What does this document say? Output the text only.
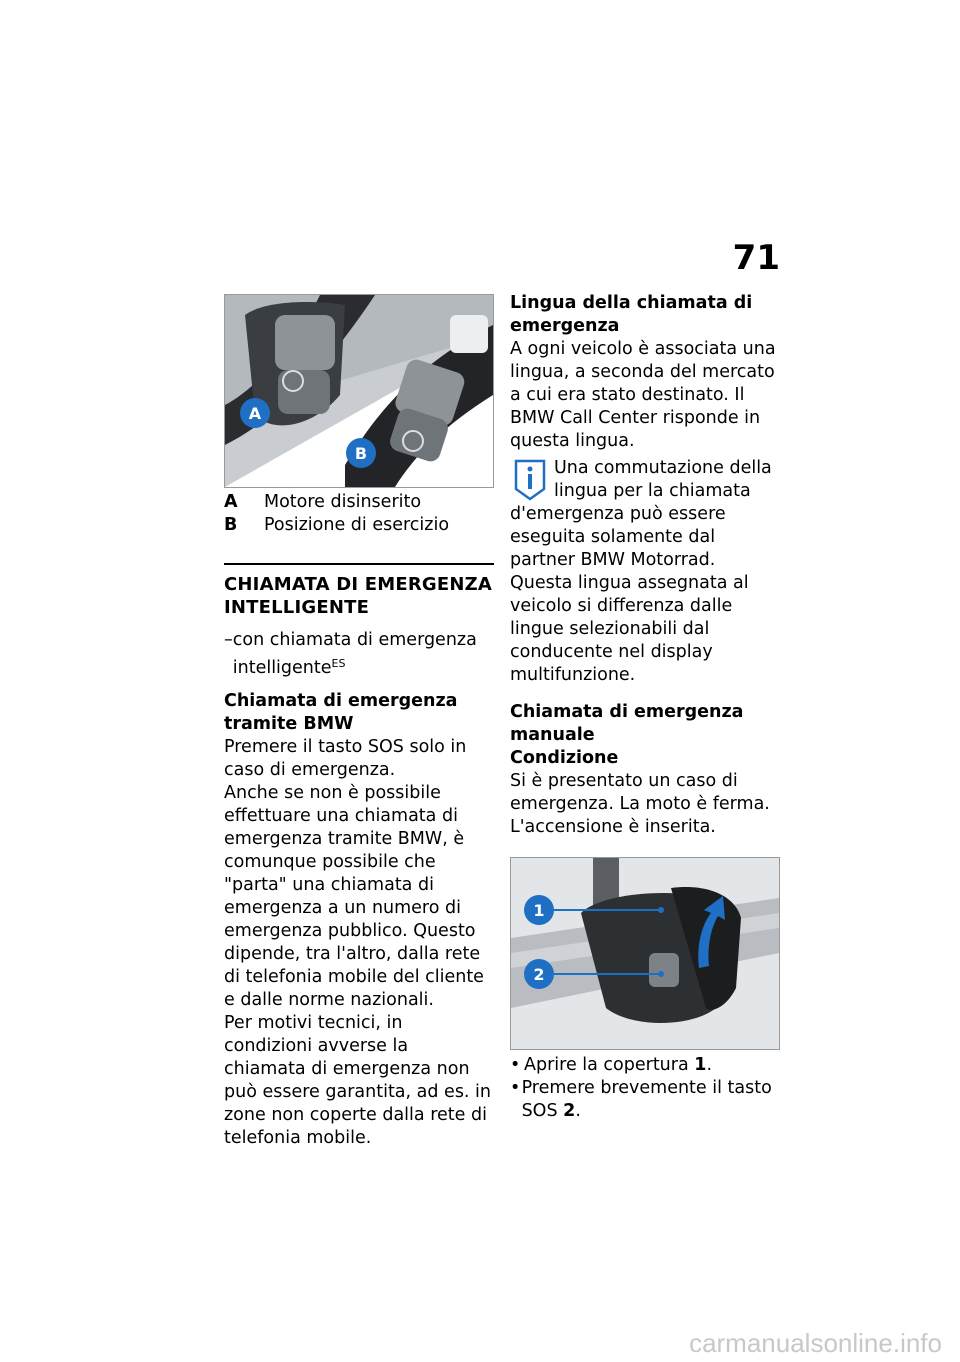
71
A
B
A	Motore disinserito
B	Posizione di esercizio
CHIAMATA DI EMERGENZA INTELLIGENTE
– con chiamata di emergenza intelligente$^{ES}$
Chiamata di emergenza tramite BMW

Premere il tasto SOS solo in caso di emergenza.

Anche se non è possibile effettuare una chiamata di emergenza tramite BMW, è comunque possibile che "parta" una chiamata di emergenza a un numero di emergenza pubblico. Questo dipende, tra l'altro, dalla rete di telefonia mobile del cliente e dalle norme nazionali.

Per motivi tecnici, in condizioni avverse la chiamata di emergenza non può essere garantita, ad es. in zone non coperte dalla rete di telefonia mobile.

Lingua della chiamata di emergenza

A ogni veicolo è associata una lingua, a seconda del mercato a cui era stato destinato. Il BMW Call Center risponde in questa lingua.

Una commutazione della lingua per la chiamata d'emergenza può essere eseguita solamente dal partner BMW Motorrad. Questa lingua assegnata al veicolo si differenza dalle lingue selezionabili dal conducente nel display multifunzione.
Chiamata di emergenza manuale
Condizione

Si è presentato un caso di emergenza. La moto è ferma. L'accensione è inserita.

1
2
• Aprire la copertura 1.
• Premere brevemente il tasto SOS 2.
carmanualsonline.info
